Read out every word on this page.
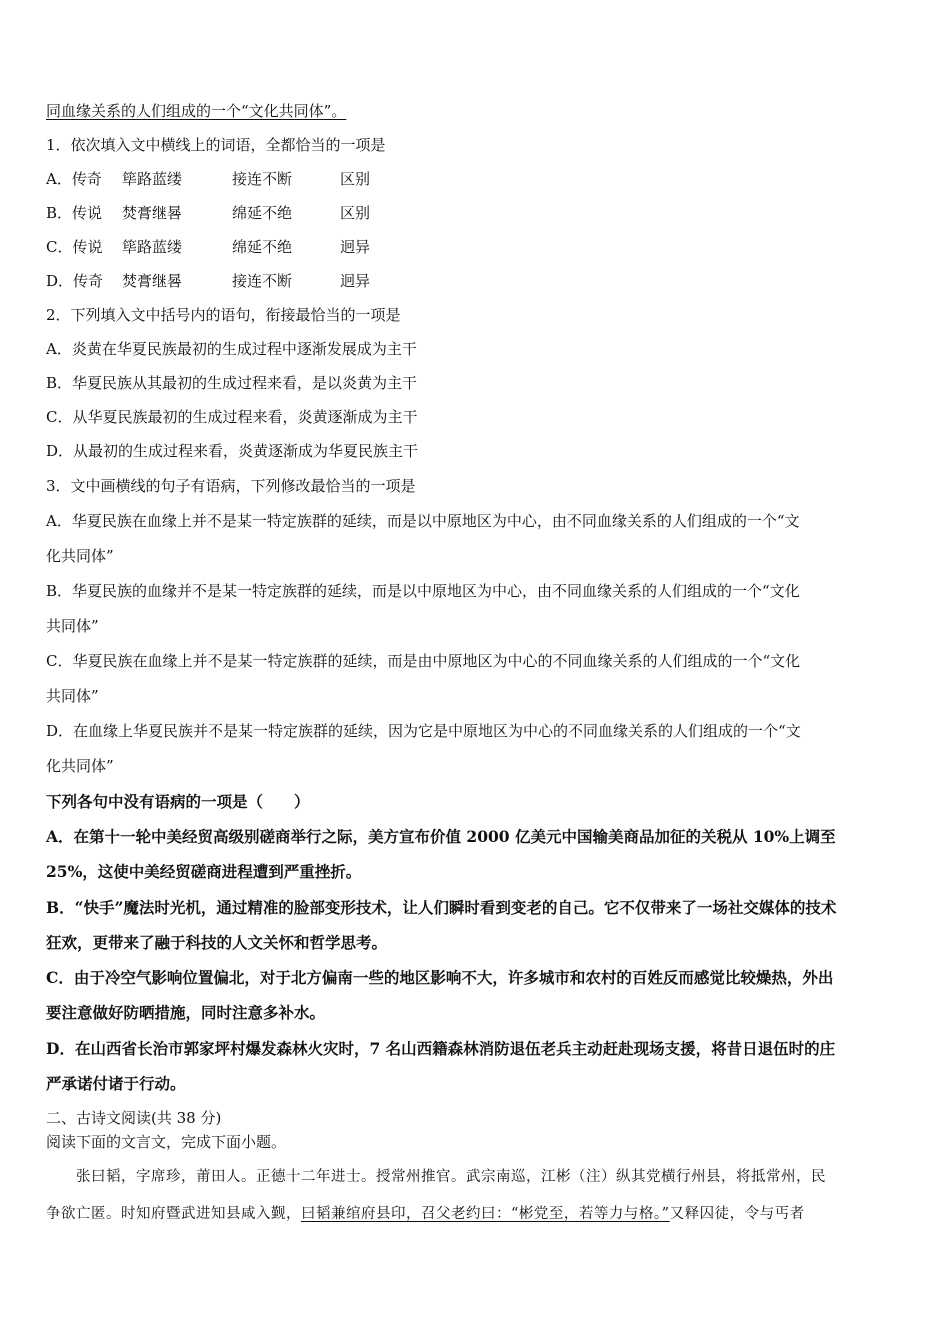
同血缘关系的人们组成的一个“文化共同体”。
1．依次填入文中横线上的词语，全都恰当的一项是
A．传奇 筚路蓝缕	接连不断	区别
B．传说 焚膏继晷	绵延不绝	区别
C．传说 筚路蓝缕	绵延不绝	迥异
D．传奇 焚膏继晷	接连不断	迥异
2．下列填入文中括号内的语句，衔接最恰当的一项是
A．炎黄在华夏民族最初的生成过程中逐渐发展成为主干
B．华夏民族从其最初的生成过程来看，是以炎黄为主干
C．从华夏民族最初的生成过程来看，炎黄逐渐成为主干
D．从最初的生成过程来看，炎黄逐渐成为华夏民族主干
3．文中画横线的句子有语病，下列修改最恰当的一项是
A．华夏民族在血缘上并不是某一特定族群的延续，而是以中原地区为中心，由不同血缘关系的人们组成的一个“文
化共同体”
B．华夏民族的血缘并不是某一特定族群的延续，而是以中原地区为中心，由不同血缘关系的人们组成的一个“文化
共同体”
C．华夏民族在血缘上并不是某一特定族群的延续，而是由中原地区为中心的不同血缘关系的人们组成的一个“文化
共同体”
D．在血缘上华夏民族并不是某一特定族群的延续，因为它是中原地区为中心的不同血缘关系的人们组成的一个“文
化共同体”
下列各句中没有语病的一项是（　　）
A．在第十一轮中美经贸高级别磋商举行之际，美方宣布价值 2000 亿美元中国输美商品加征的关税从 10%上调至
25%，这使中美经贸磋商进程遭到严重挫折。
B．“快手”魔法时光机，通过精准的脸部变形技术，让人们瞬时看到变老的自己。它不仅带来了一场社交媒体的技术
狂欢，更带来了融于科技的人文关怀和哲学思考。
C．由于冷空气影响位置偏北，对于北方偏南一些的地区影响不大，许多城市和农村的百姓反而感觉比较燥热，外出
要注意做好防晒措施，同时注意多补水。
D．在山西省长治市郭家坪村爆发森林火灾时，7 名山西籍森林消防退伍老兵主动赶赴现场支援，将昔日退伍时的庄
严承诺付诸于行动。
二、古诗文阅读(共 38 分)
阅读下面的文言文，完成下面小题。
　　张曰韬，字席珍，莆田人。正德十二年进士。授常州推官。武宗南巡，江彬（注）纵其党横行州县，将抵常州，民
争欲亡匿。时知府暨武进知县咸入觐，曰韬兼绾府县印，召父老约曰：“彬党至，若等力与格。”又释囚徒，令与丐者
